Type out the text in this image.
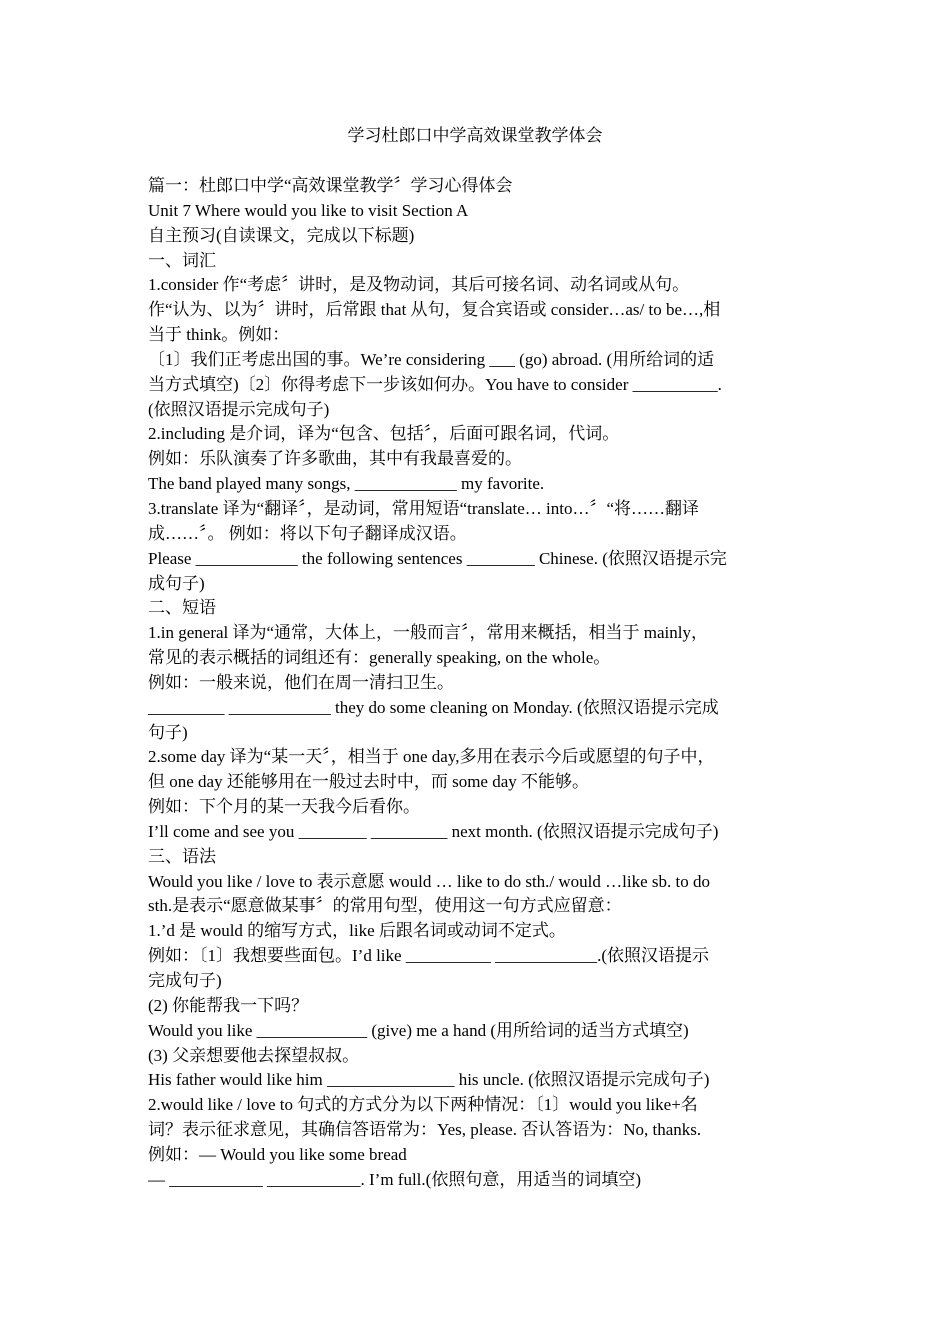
学习杜郎口中学高效课堂教学体会
篇一：杜郎口中学“高效课堂教学〞学习心得体会
Unit 7 Where would you like to visit Section A
自主预习(自读课文，完成以下标题)
一、词汇
1.consider 作“考虑〞讲时，是及物动词，其后可接名词、动名词或从句。
作“认为、以为〞讲时，后常跟 that 从句，复合宾语或 consider…as/ to be…,相
当于 think。例如：
〔1〕我们正考虑出国的事。We’re considering ___ (go) abroad. (用所给词的适
当方式填空)〔2〕你得考虑下一步该如何办。You have to consider __________.
(依照汉语提示完成句子)
2.including 是介词，译为“包含、包括〞，后面可跟名词，代词。
例如：乐队演奏了许多歌曲，其中有我最喜爱的。
The band played many songs, ____________ my favorite.
3.translate 译为“翻译〞，是动词，常用短语“translate… into…〞“将……翻译
成……〞。 例如：将以下句子翻译成汉语。
Please ____________ the following sentences ________ Chinese. (依照汉语提示完
成句子)
二、短语
1.in general 译为“通常，大体上，一般而言〞，常用来概括，相当于 mainly，
常见的表示概括的词组还有：generally speaking, on the whole。
例如：一般来说，他们在周一清扫卫生。
_________ ____________ they do some cleaning on Monday. (依照汉语提示完成
句子)
2.some day 译为“某一天〞，相当于 one day,多用在表示今后或愿望的句子中，
但 one day 还能够用在一般过去时中，而 some day 不能够。
例如：下个月的某一天我今后看你。
I’ll come and see you ________ _________ next month. (依照汉语提示完成句子)
三、语法
Would you like / love to 表示意愿 would … like to do sth./ would …like sb. to do
sth.是表示“愿意做某事〞的常用句型，使用这一句方式应留意：
1.’d 是 would 的缩写方式，like 后跟名词或动词不定式。
例如：〔1〕我想要些面包。I’d like __________ ____________.(依照汉语提示
完成句子)
(2) 你能帮我一下吗？
Would you like _____________ (give) me a hand (用所给词的适当方式填空)
(3) 父亲想要他去探望叔叔。
His father would like him _______________ his uncle. (依照汉语提示完成句子)
2.would like / love to 句式的方式分为以下两种情况：〔1〕would you like+名
词？表示征求意见，其确信答语常为：Yes, please. 否认答语为：No, thanks.
例如：— Would you like some bread
— ___________ ___________. I’m full.(依照句意，用适当的词填空)
